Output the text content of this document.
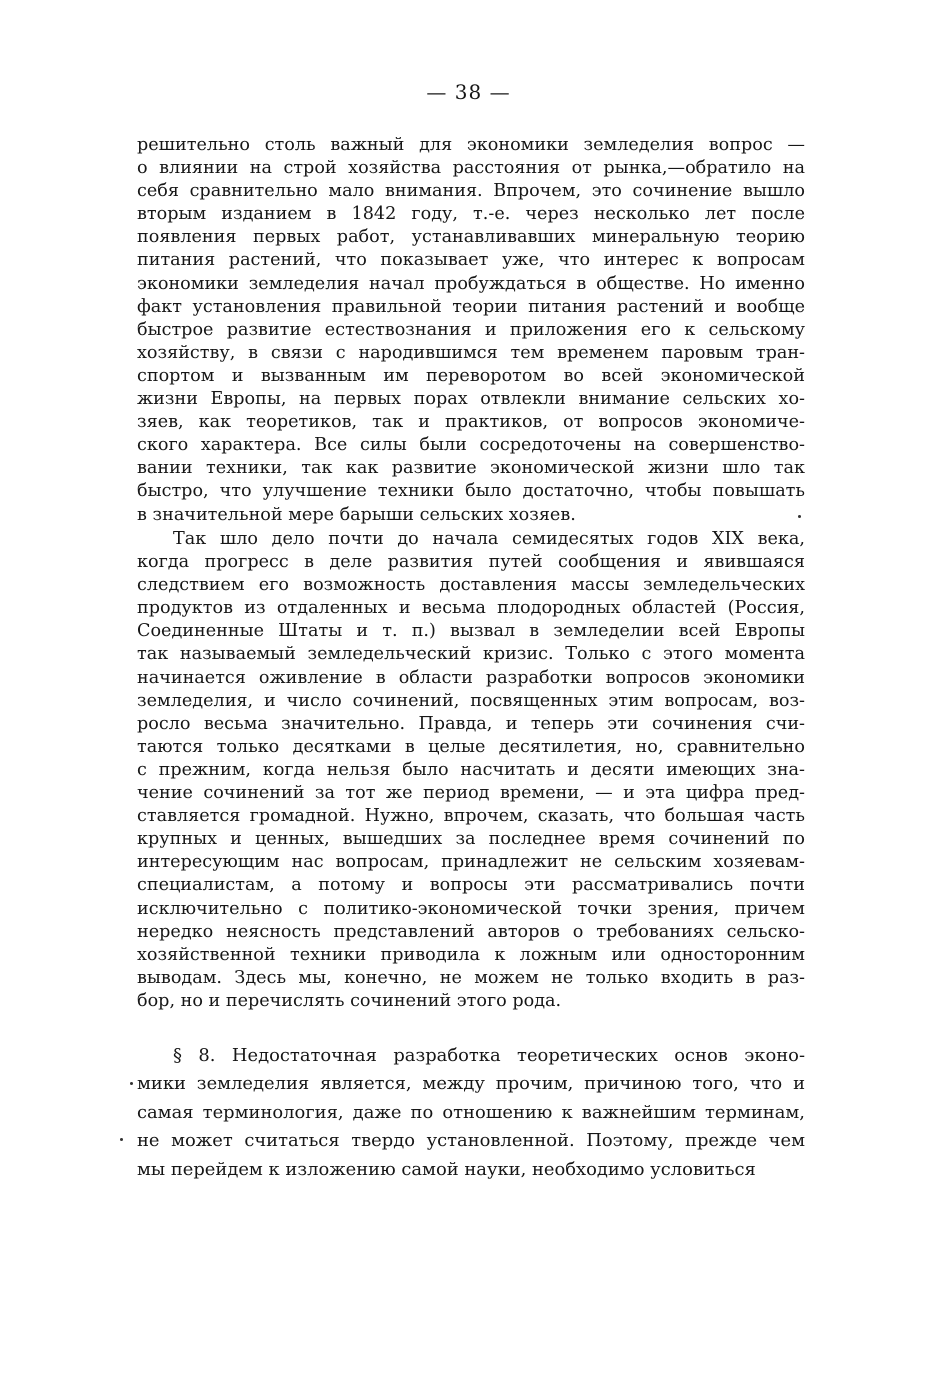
— 38 —
решительно столь важный для экономики земледелия вопрос —
о влиянии на строй хозяйства расстояния от рынка,—обратило на
себя сравнительно мало внимания. Впрочем, это сочинение вышло
вторым изданием в 1842 году, т.-е. через несколько лет после
появления первых работ, устанавливавших минеральную теорию
питания растений, что показывает уже, что интерес к вопросам
экономики земледелия начал пробуждаться в обществе. Но именно
факт установления правильной теории питания растений и вообще
быстрое развитие естествознания и приложения его к сельскому
хозяйству, в связи с народившимся тем временем паровым тран-
спортом и вызванным им переворотом во всей экономической
жизни Европы, на первых порах отвлекли внимание сельских хо-
зяев, как теоретиков, так и практиков, от вопросов экономиче-
ского характера. Все силы были сосредоточены на совершенство-
вании техники, так как развитие экономической жизни шло так
быстро, что улучшение техники было достаточно, чтобы повышать
в значительной мере барыши сельских хозяев.
Так шло дело почти до начала семидесятых годов XIX века,
когда прогресс в деле развития путей сообщения и явившаяся
следствием его возможность доставления массы земледельческих
продуктов из отдаленных и весьма плодородных областей (Россия,
Соединенные Штаты и т. п.) вызвал в земледелии всей Европы
так называемый земледельческий кризис. Только с этого момента
начинается оживление в области разработки вопросов экономики
земледелия, и число сочинений, посвященных этим вопросам, воз-
росло весьма значительно. Правда, и теперь эти сочинения счи-
таются только десятками в целые десятилетия, но, сравнительно
с прежним, когда нельзя было насчитать и десяти имеющих зна-
чение сочинений за тот же период времени, — и эта цифра пред-
ставляется громадной. Нужно, впрочем, сказать, что большая часть
крупных и ценных, вышедших за последнее время сочинений по
интересующим нас вопросам, принадлежит не сельским хозяевам-
специалистам, а потому и вопросы эти рассматривались почти
исключительно с политико-экономической точки зрения, причем
нередко неясность представлений авторов о требованиях сельско-
хозяйственной техники приводила к ложным или односторонним
выводам. Здесь мы, конечно, не можем не только входить в раз-
бор, но и перечислять сочинений этого рода.
§ 8. Недостаточная разработка теоретических основ эконо-
мики земледелия является, между прочим, причиною того, что и
самая терминология, даже по отношению к важнейшим терминам,
не может считаться твердо установленной. Поэтому, прежде чем
мы перейдем к изложению самой науки, необходимо условиться
